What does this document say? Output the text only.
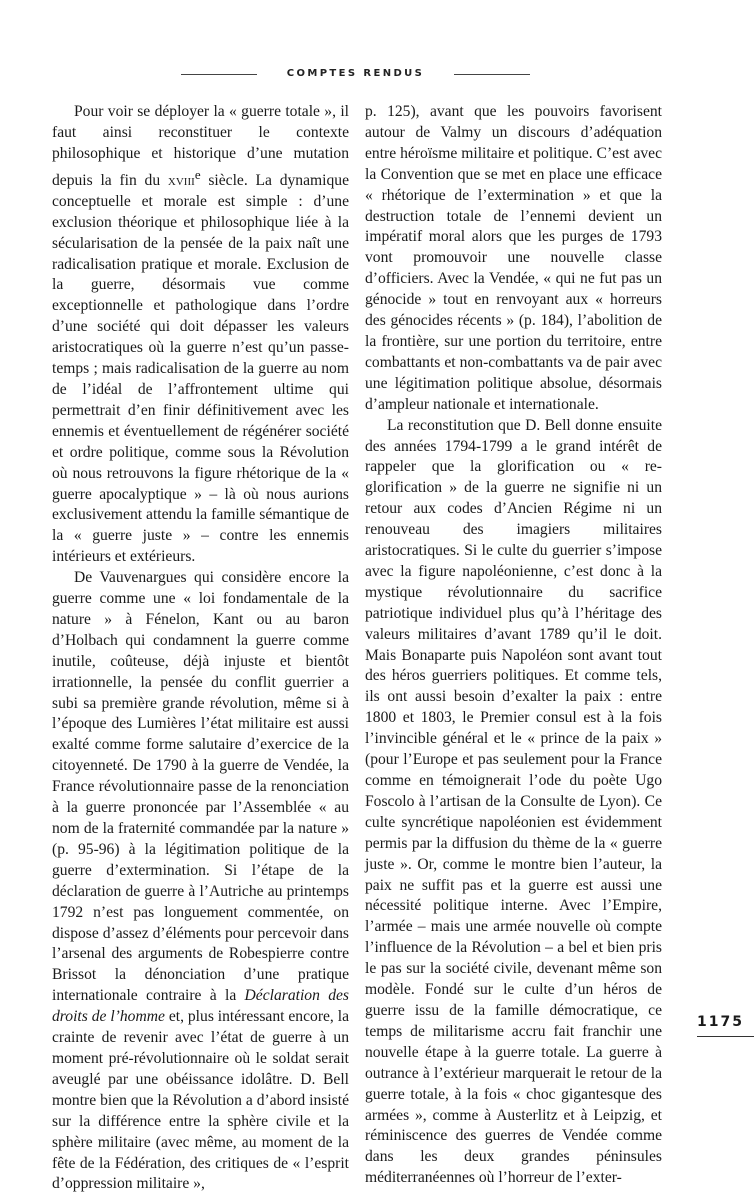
COMPTES RENDUS

Pour voir se déployer la « guerre totale », il faut ainsi reconstituer le contexte philosophique et historique d’une mutation depuis la fin du xviii$^e$ siècle. La dynamique conceptuelle et morale est simple : d’une exclusion théorique et philosophique liée à la sécularisation de la pensée de la paix naît une radicalisation pratique et morale. Exclusion de la guerre, désormais vue comme exceptionnelle et pathologique dans l’ordre d’une société qui doit dépasser les valeurs aristocratiques où la guerre n’est qu’un passe-temps ; mais radicalisation de la guerre au nom de l’idéal de l’affrontement ultime qui permettrait d’en finir définitivement avec les ennemis et éventuellement de régénérer société et ordre politique, comme sous la Révolution où nous retrouvons la figure rhétorique de la « guerre apocalyptique » – là où nous aurions exclusivement attendu la famille sémantique de la « guerre juste » – contre les ennemis intérieurs et extérieurs.

De Vauvenargues qui considère encore la guerre comme une « loi fondamentale de la nature » à Fénelon, Kant ou au baron d’Holbach qui condamnent la guerre comme inutile, coûteuse, déjà injuste et bientôt irrationnelle, la pensée du conflit guerrier a subi sa première grande révolution, même si à l’époque des Lumières l’état militaire est aussi exalté comme forme salutaire d’exercice de la citoyenneté. De 1790 à la guerre de Vendée, la France révolutionnaire passe de la renonciation à la guerre prononcée par l’Assemblée « au nom de la fraternité commandée par la nature » (p. 95-96) à la légitimation politique de la guerre d’extermination. Si l’étape de la déclaration de guerre à l’Autriche au printemps 1792 n’est pas longuement commentée, on dispose d’assez d’éléments pour percevoir dans l’arsenal des arguments de Robespierre contre Brissot la dénonciation d’une pratique internationale contraire à la Déclaration des droits de l’homme et, plus intéressant encore, la crainte de revenir avec l’état de guerre à un moment pré-révolutionnaire où le soldat serait aveuglé par une obéissance idolâtre. D. Bell montre bien que la Révolution a d’abord insisté sur la différence entre la sphère civile et la sphère militaire (avec même, au moment de la fête de la Fédération, des critiques de « l’esprit d’oppression militaire »,

p. 125), avant que les pouvoirs favorisent autour de Valmy un discours d’adéquation entre héroïsme militaire et politique. C’est avec la Convention que se met en place une efficace « rhétorique de l’extermination » et que la destruction totale de l’ennemi devient un impératif moral alors que les purges de 1793 vont promouvoir une nouvelle classe d’officiers. Avec la Vendée, « qui ne fut pas un génocide » tout en renvoyant aux « horreurs des génocides récents » (p. 184), l’abolition de la frontière, sur une portion du territoire, entre combattants et non-combattants va de pair avec une légitimation politique absolue, désormais d’ampleur nationale et internationale.

La reconstitution que D. Bell donne ensuite des années 1794-1799 a le grand intérêt de rappeler que la glorification ou « re-glorification » de la guerre ne signifie ni un retour aux codes d’Ancien Régime ni un renouveau des imagiers militaires aristocratiques. Si le culte du guerrier s’impose avec la figure napoléonienne, c’est donc à la mystique révolutionnaire du sacrifice patriotique individuel plus qu’à l’héritage des valeurs militaires d’avant 1789 qu’il le doit. Mais Bonaparte puis Napoléon sont avant tout des héros guerriers politiques. Et comme tels, ils ont aussi besoin d’exalter la paix : entre 1800 et 1803, le Premier consul est à la fois l’invincible général et le « prince de la paix » (pour l’Europe et pas seulement pour la France comme en témoignerait l’ode du poète Ugo Foscolo à l’artisan de la Consulte de Lyon). Ce culte syncrétique napoléonien est évidemment permis par la diffusion du thème de la « guerre juste ». Or, comme le montre bien l’auteur, la paix ne suffit pas et la guerre est aussi une nécessité politique interne. Avec l’Empire, l’armée – mais une armée nouvelle où compte l’influence de la Révolution – a bel et bien pris le pas sur la société civile, devenant même son modèle. Fondé sur le culte d’un héros de guerre issu de la famille démocratique, ce temps de militarisme accru fait franchir une nouvelle étape à la guerre totale. La guerre à outrance à l’extérieur marquerait le retour de la guerre totale, à la fois « choc gigantesque des armées », comme à Austerlitz et à Leipzig, et réminiscence des guerres de Vendée comme dans les deux grandes péninsules méditerranéennes où l’horreur de l’exter-

1175
